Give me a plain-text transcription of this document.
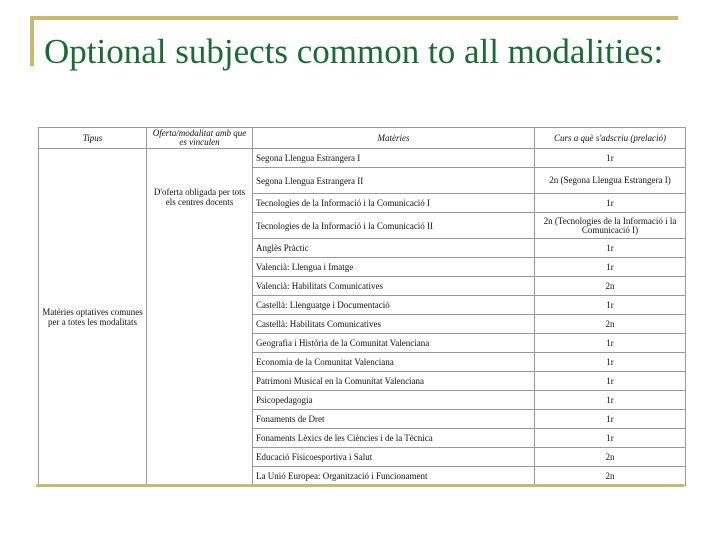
Optional subjects common to all modalities:
Tipus	Oferta/modalitat amb que es vinculen	Matèries	Curs a què s'adscriu (prelació)
Matèries optatives comunes per a totes les modalitats	D'oferta obligada per tots els centres docents	Segona Llengua Estrangera I	1r
		Segona Llengua Estrangera II	2n (Segona Llengua Estrangera I)
		Tecnologies de la Informació i la Comunicació I	1r
		Tecnologies de la Informació i la Comunicació II	2n (Tecnologies de la Informació i la Comunicació I)
		Anglès Pràctic	1r
		Valencià: Llengua i Imatge	1r
		Valencià: Habilitats Comunicatives	2n
		Castellà: Llenguatge i Documentació	1r
		Castellà: Habilitats Comunicatives	2n
		Geografia i Història de la Comunitat Valenciana	1r
		Economia de la Comunitat Valenciana	1r
		Patrimoni Musical en la Comunitat Valenciana	1r
		Psicopedagogia	1r
		Fonaments de Dret	1r
		Fonaments Lèxics de les Ciències i de la Tècnica	1r
		Educació Físicoesportiva i Salut	2n
		La Unió Europea: Organització i Funcionament	2n
